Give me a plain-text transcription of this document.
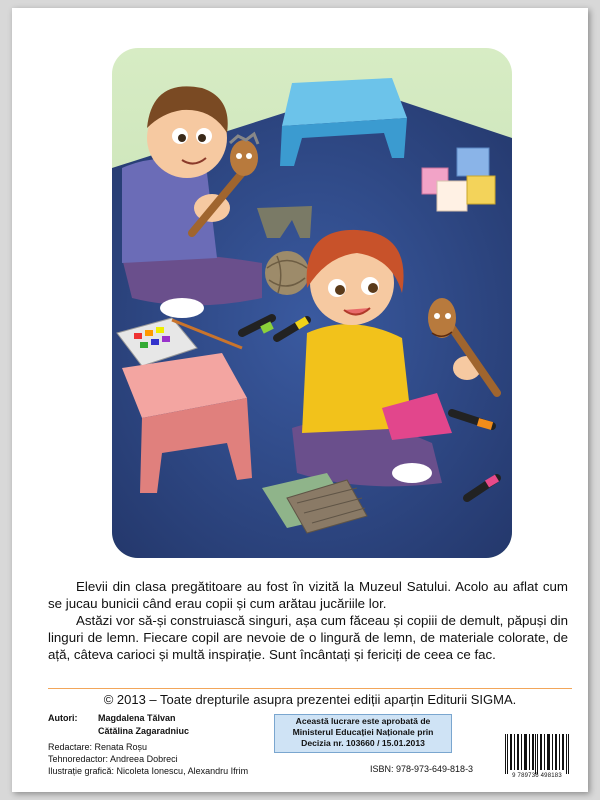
Elevii din clasa pregătitoare au fost în vizită la Muzeul Satului. Acolo au aflat cum se jucau bunicii când erau copii și cum arătau jucăriile lor.

Astăzi vor să-și construiască singuri, așa cum făceau și copiii de demult, păpuși din linguri de lemn. Fiecare copil are nevoie de o lingură de lemn, de materiale colorate, de ață, câteva carioci și multă inspirație. Sunt încântați și fericiți de ceea ce fac.

© 2013 – Toate drepturile asupra prezentei ediții aparțin Editurii SIGMA.
Autori: Magdalena Tălvan
Cătălina Zagaradniuc
Redactare: Renata Roșu
Tehnoredactor: Andreea Dobreci
Ilustrație grafică: Nicoleta Ionescu, Alexandru Ifrim
Această lucrare este aprobată de
Ministerul Educației Naționale prin
Decizia nr. 103660 / 15.01.2013
ISBN: 978-973-649-818-3
9 789736 498183
